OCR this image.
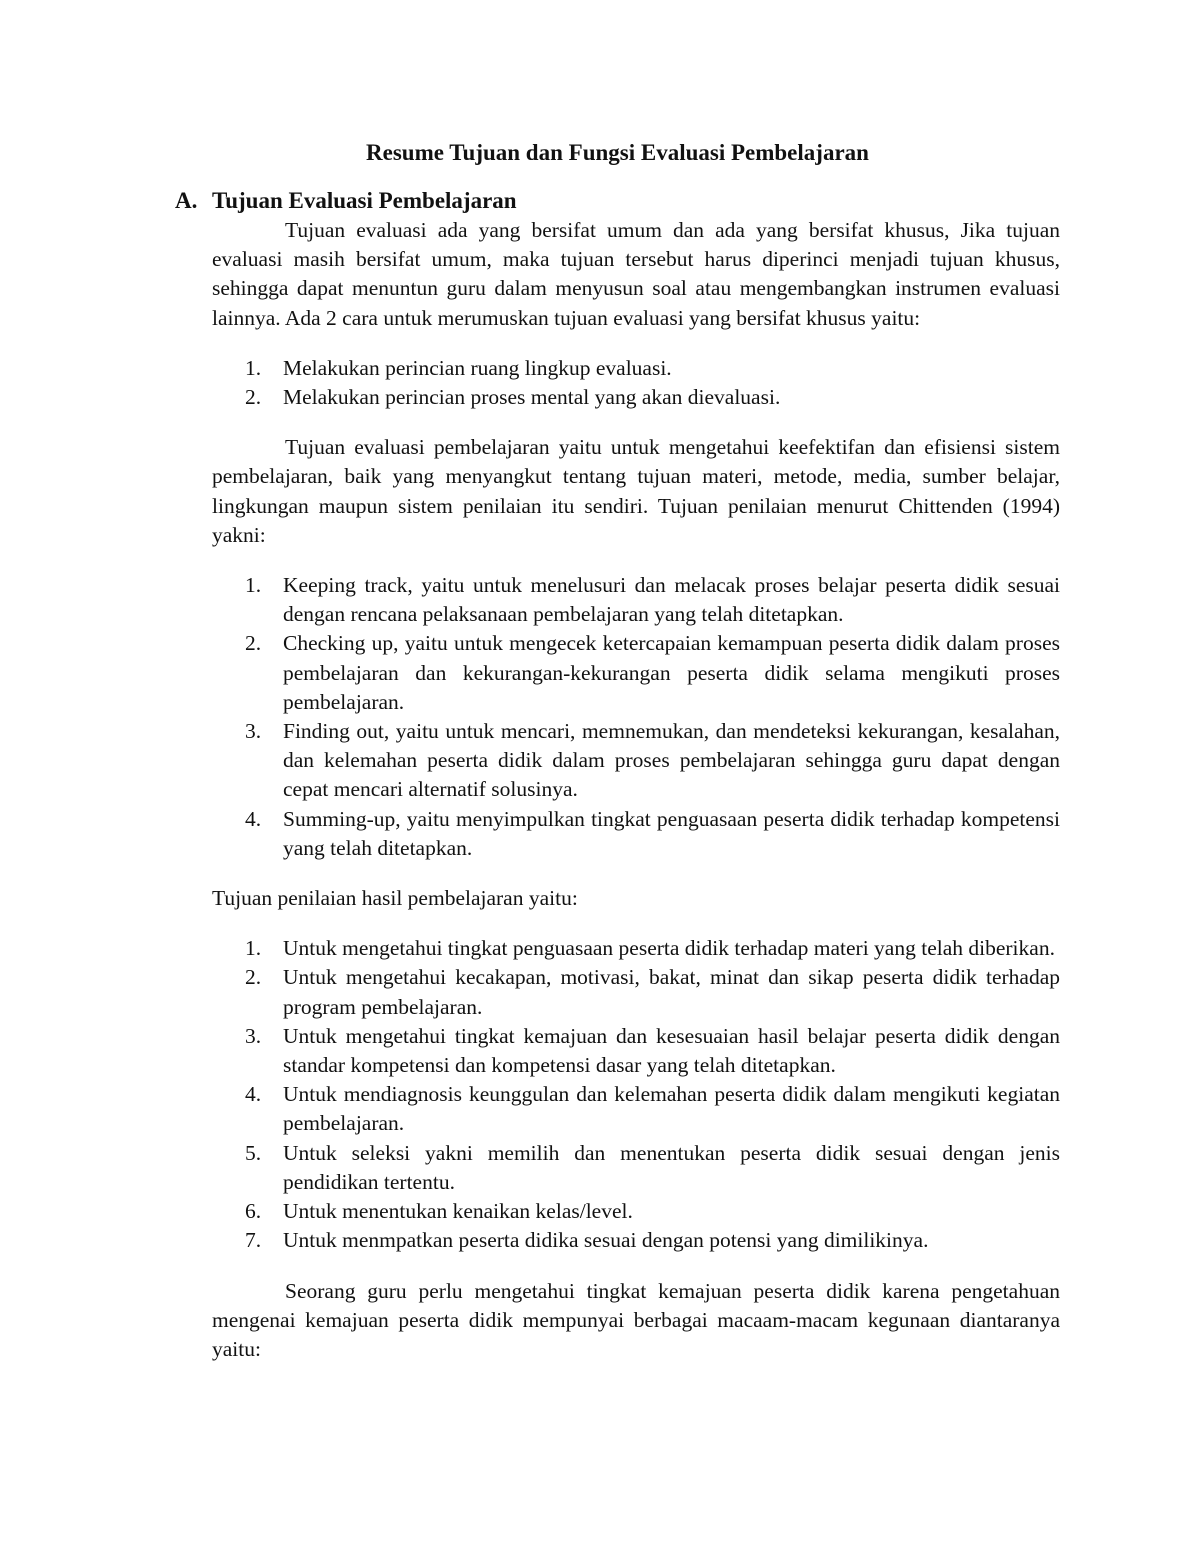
Resume Tujuan dan Fungsi Evaluasi Pembelajaran
A. Tujuan Evaluasi Pembelajaran

Tujuan evaluasi ada yang bersifat umum dan ada yang bersifat khusus, Jika tujuan evaluasi masih bersifat umum, maka tujuan tersebut harus diperinci menjadi tujuan khusus, sehingga dapat menuntun guru dalam menyusun soal atau mengembangkan instrumen evaluasi lainnya. Ada 2 cara untuk merumuskan tujuan evaluasi yang bersifat khusus yaitu:

1.	Melakukan perincian ruang lingkup evaluasi.
2.	Melakukan perincian proses mental yang akan dievaluasi.

Tujuan evaluasi pembelajaran yaitu untuk mengetahui keefektifan dan efisiensi sistem pembelajaran, baik yang menyangkut tentang tujuan materi, metode, media, sumber belajar, lingkungan maupun sistem penilaian itu sendiri. Tujuan penilaian menurut Chittenden (1994) yakni:

1.	Keeping track, yaitu untuk menelusuri dan melacak proses belajar peserta didik sesuai dengan rencana pelaksanaan pembelajaran yang telah ditetapkan.
2.	Checking up, yaitu untuk mengecek ketercapaian kemampuan peserta didik dalam proses pembelajaran dan kekurangan-kekurangan peserta didik selama mengikuti proses pembelajaran.
3.	Finding out, yaitu untuk mencari, memnemukan, dan mendeteksi kekurangan, kesalahan, dan kelemahan peserta didik dalam proses pembelajaran sehingga guru dapat dengan cepat mencari alternatif solusinya.
4.	Summing-up, yaitu menyimpulkan tingkat penguasaan peserta didik terhadap kompetensi yang telah ditetapkan.

Tujuan penilaian hasil pembelajaran yaitu:

1.	Untuk mengetahui tingkat penguasaan peserta didik terhadap materi yang telah diberikan.
2.	Untuk mengetahui kecakapan, motivasi, bakat, minat dan sikap peserta didik terhadap program pembelajaran.
3.	Untuk mengetahui tingkat kemajuan dan kesesuaian hasil belajar peserta didik dengan standar kompetensi dan kompetensi dasar yang telah ditetapkan.
4.	Untuk mendiagnosis keunggulan dan kelemahan peserta didik dalam mengikuti kegiatan pembelajaran.
5.	Untuk seleksi yakni memilih dan menentukan peserta didik sesuai dengan jenis pendidikan tertentu.
6.	Untuk menentukan kenaikan kelas/level.
7.	Untuk menmpatkan peserta didika sesuai dengan potensi yang dimilikinya.

Seorang guru perlu mengetahui tingkat kemajuan peserta didik karena pengetahuan mengenai kemajuan peserta didik mempunyai berbagai macaam-macam kegunaan diantaranya yaitu:
